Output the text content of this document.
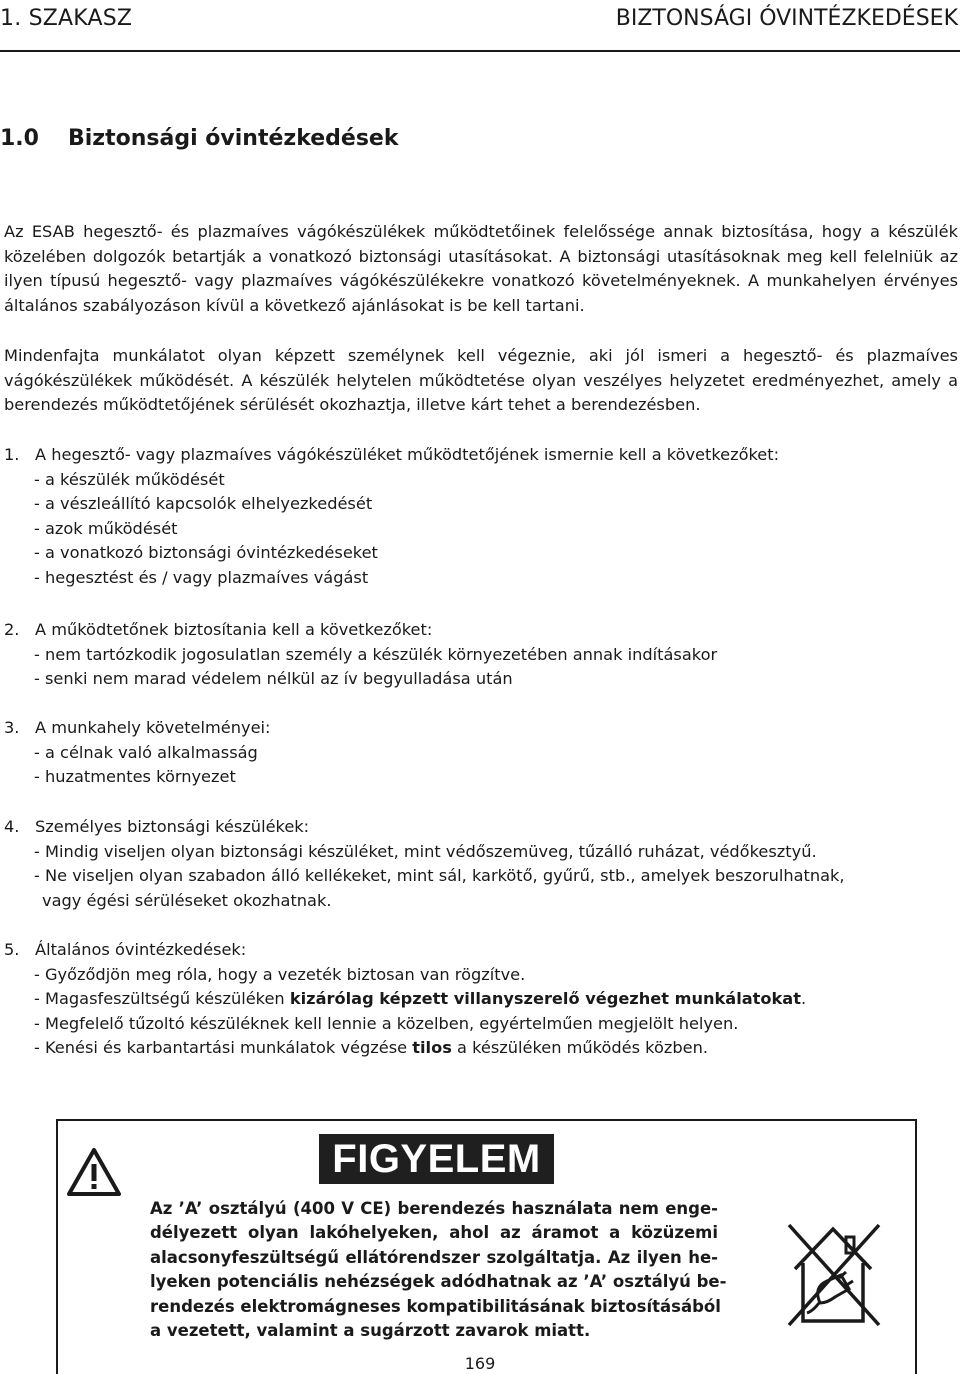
1. SZAKASZ	BIZTONSÁGI ÓVINTÉZKEDÉSEK
1.0 Biztonsági óvintézkedések

Az ESAB hegesztő- és plazmaíves vágókészülékek működtetőinek felelőssége annak biztosítása, hogy a készülék közelében dolgozók betartják a vonatkozó biztonsági utasításokat. A biztonsági utasításoknak meg kell felelniük az ilyen típusú hegesztő- vagy plazmaíves vágókészülékekre vonatkozó követelményeknek. A munkahelyen érvényes általános szabályozáson kívül a következő ajánlásokat is be kell tartani.

Mindenfajta munkálatot olyan képzett személynek kell végeznie, aki jól ismeri a hegesztő- és plazmaíves vágókészülékek működését. A készülék helytelen működtetése olyan veszélyes helyzetet eredményezhet, amely a berendezés működtetőjének sérülését okozhaztja, illetve kárt tehet a berendezésben.

1. A hegesztő- vagy plazmaíves vágókészüléket működtetőjének ismernie kell a következőket:
- a készülék működését
- a vészleállító kapcsolók elhelyezkedését
- azok működését
- a vonatkozó biztonsági óvintézkedéseket
- hegesztést és / vagy plazmaíves vágást
2. A működtetőnek biztosítania kell a következőket:
- nem tartózkodik jogosulatlan személy a készülék környezetében annak indításakor
- senki nem marad védelem nélkül az ív begyulladása után
3. A munkahely követelményei:
- a célnak való alkalmasság
- huzatmentes környezet
4. Személyes biztonsági készülékek:
- Mindig viseljen olyan biztonsági készüléket, mint védőszemüveg, tűzálló ruházat, védőkesztyű.
- Ne viseljen olyan szabadon álló kellékeket, mint sál, karkötő, gyűrű, stb., amelyek beszorulhatnak,
vagy égési sérüléseket okozhatnak.
5. Általános óvintézkedések:
- Győződjön meg róla, hogy a vezeték biztosan van rögzítve.
- Magasfeszültségű készüléken kizárólag képzett villanyszerelő végezhet munkálatokat.
- Megfelelő tűzoltó készüléknek kell lennie a közelben, egyértelműen megjelölt helyen.
- Kenési és karbantartási munkálatok végzése tilos a készüléken működés közben.
FIGYELEM
Az ’A’ osztályú (400 V CE) berendezés használata nem enge-
délyezett olyan lakóhelyeken, ahol az áramot a közüzemi
alacsonyfeszültségű ellátórendszer szolgáltatja. Az ilyen he-
lyeken potenciális nehézségek adódhatnak az ’A’ osztályú be-
rendezés elektromágneses kompatibilitásának biztosításából
a vezetett, valamint a sugárzott zavarok miatt.
169
